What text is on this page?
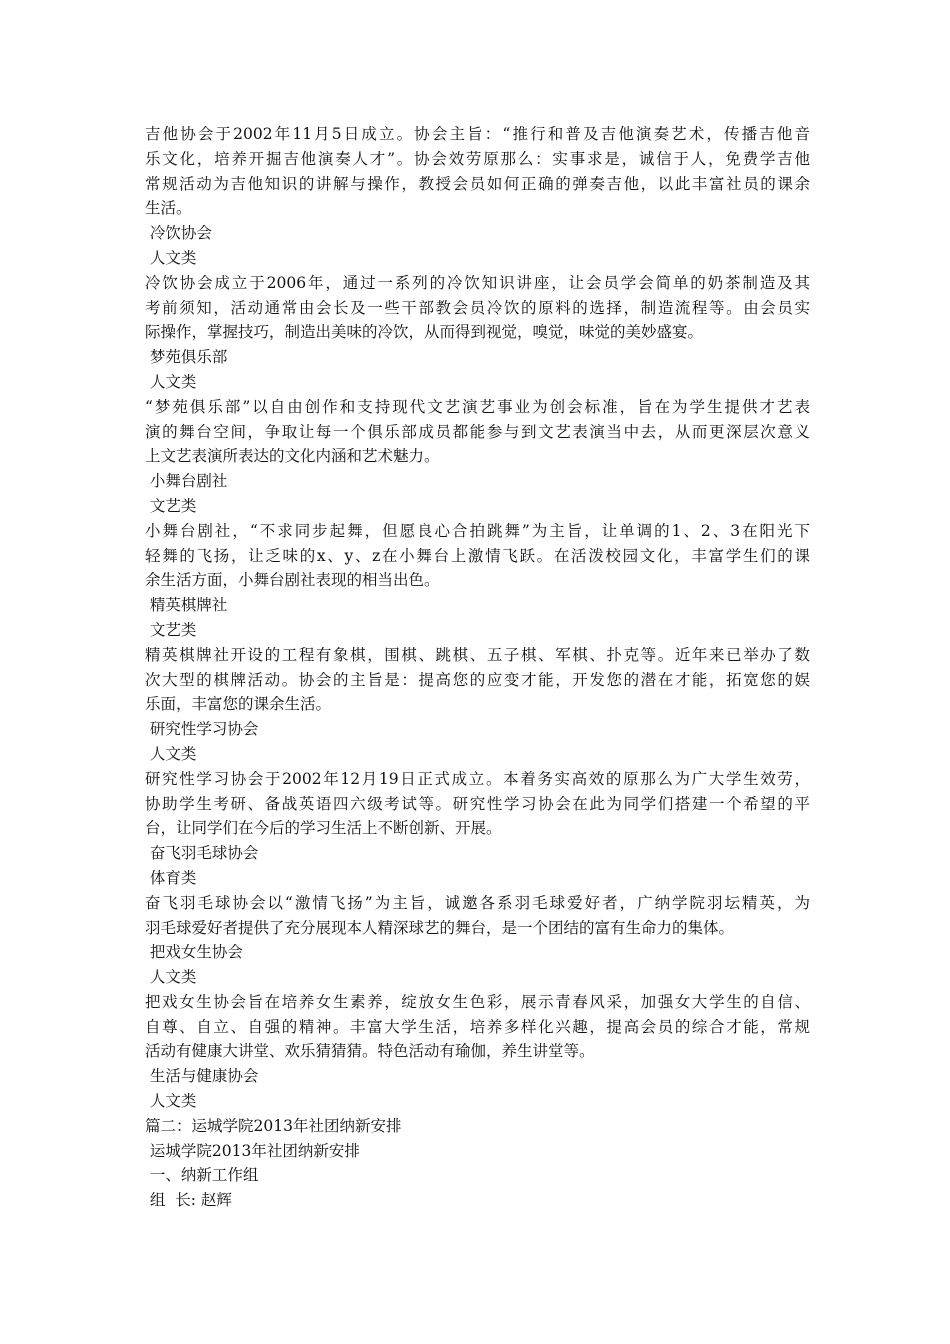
吉他协会于2002年11月5日成立。协会主旨：“推行和普及吉他演奏艺术，传播吉他音
乐文化，培养开掘吉他演奏人才”。协会效劳原那么：实事求是，诚信于人，免费学吉他
常规活动为吉他知识的讲解与操作，教授会员如何正确的弹奏吉他，以此丰富社员的课余
生活。
冷饮协会
人文类
冷饮协会成立于2006年，通过一系列的冷饮知识讲座，让会员学会简单的奶茶制造及其
考前须知，活动通常由会长及一些干部教会员冷饮的原料的选择，制造流程等。由会员实
际操作，掌握技巧，制造出美味的冷饮，从而得到视觉，嗅觉，味觉的美妙盛宴。
梦苑俱乐部
人文类
“梦苑俱乐部”以自由创作和支持现代文艺演艺事业为创会标准，旨在为学生提供才艺表
演的舞台空间，争取让每一个俱乐部成员都能参与到文艺表演当中去，从而更深层次意义
上文艺表演所表达的文化内涵和艺术魅力。
小舞台剧社
文艺类
小舞台剧社，“不求同步起舞，但愿良心合拍跳舞”为主旨，让单调的1、2、3在阳光下
轻舞的飞扬，让乏味的x、y、z在小舞台上激情飞跃。在活泼校园文化，丰富学生们的课
余生活方面，小舞台剧社表现的相当出色。
精英棋牌社
文艺类
精英棋牌社开设的工程有象棋，围棋、跳棋、五子棋、军棋、扑克等。近年来已举办了数
次大型的棋牌活动。协会的主旨是：提高您的应变才能，开发您的潜在才能，拓宽您的娱
乐面，丰富您的课余生活。
研究性学习协会
人文类
研究性学习协会于2002年12月19日正式成立。本着务实高效的原那么为广大学生效劳，
协助学生考研、备战英语四六级考试等。研究性学习协会在此为同学们搭建一个希望的平
台，让同学们在今后的学习生活上不断创新、开展。
奋飞羽毛球协会
体育类
奋飞羽毛球协会以“激情飞扬”为主旨，诚邀各系羽毛球爱好者，广纳学院羽坛精英，为
羽毛球爱好者提供了充分展现本人精深球艺的舞台，是一个团结的富有生命力的集体。
把戏女生协会
人文类
把戏女生协会旨在培养女生素养，绽放女生色彩，展示青春风采，加强女大学生的自信、
自尊、自立、自强的精神。丰富大学生活，培养多样化兴趣，提高会员的综合才能，常规
活动有健康大讲堂、欢乐猜猜猜。特色活动有瑜伽，养生讲堂等。
生活与健康协会
人文类
篇二：运城学院2013年社团纳新安排
运城学院2013年社团纳新安排
一、纳新工作组
组  长: 赵辉
